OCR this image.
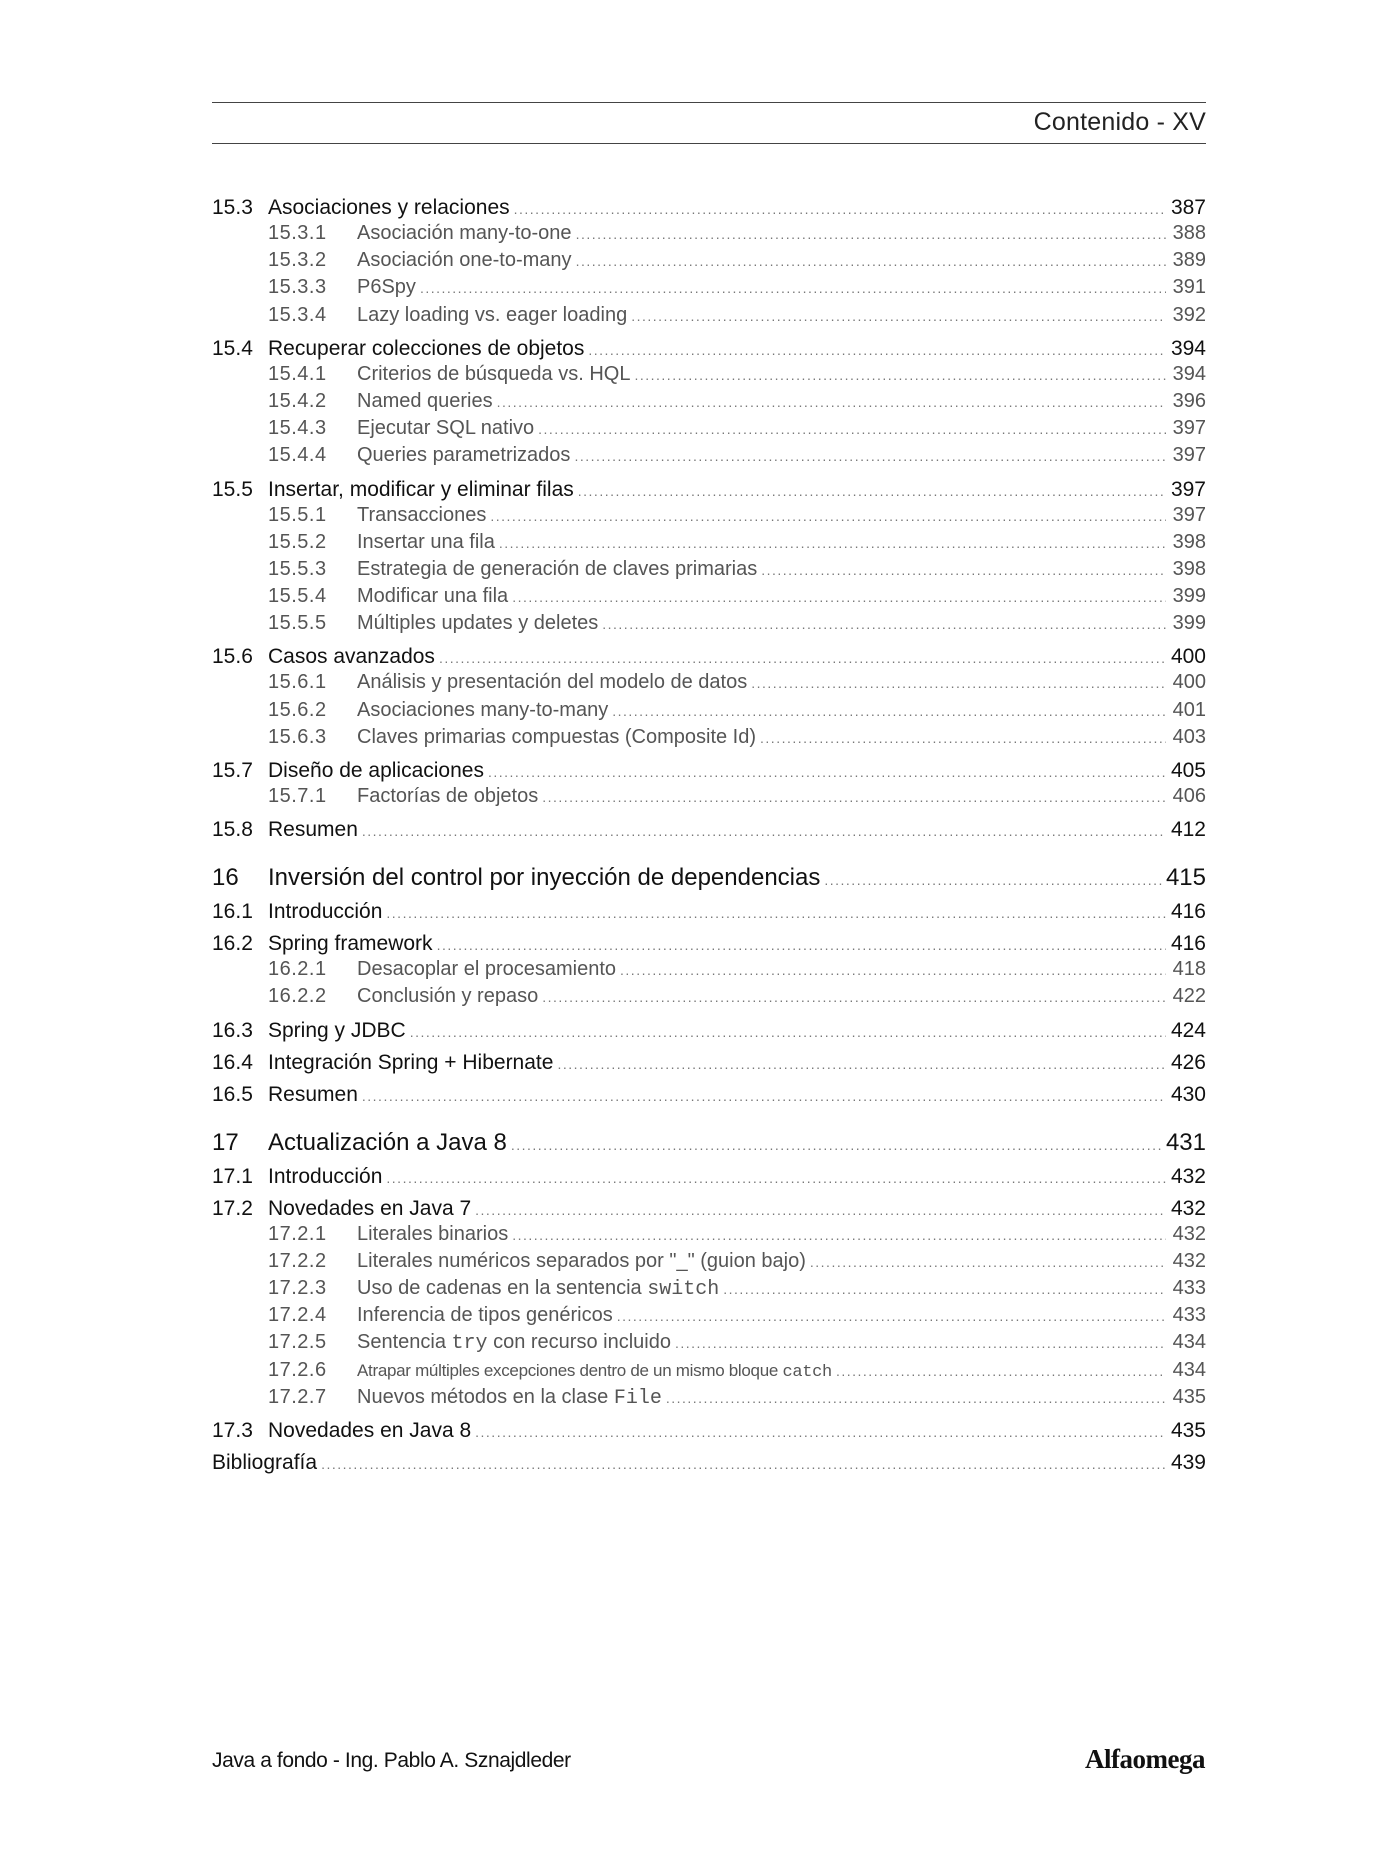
Contenido - XV
15.3 Asociaciones y relaciones .....	387
15.3.1	Asociación many-to-one .....	388
15.3.2	Asociación one-to-many .....	389
15.3.3	P6Spy .....	391
15.3.4	Lazy loading vs. eager loading .....	392
15.4 Recuperar colecciones de objetos .....	394
15.4.1	Criterios de búsqueda vs. HQL .....	394
15.4.2	Named queries .....	396
15.4.3	Ejecutar SQL nativo .....	397
15.4.4	Queries parametrizados .....	397
15.5 Insertar, modificar y eliminar filas .....	397
15.5.1	Transacciones .....	397
15.5.2	Insertar una fila .....	398
15.5.3	Estrategia de generación de claves primarias .....	398
15.5.4	Modificar una fila .....	399
15.5.5	Múltiples updates y deletes .....	399
15.6 Casos avanzados .....	400
15.6.1	Análisis y presentación del modelo de datos .....	400
15.6.2	Asociaciones many-to-many .....	401
15.6.3	Claves primarias compuestas (Composite Id) .....	403
15.7 Diseño de aplicaciones .....	405
15.7.1	Factorías de objetos .....	406
15.8 Resumen .....	412
16	Inversión del control por inyección de dependencias .....	415
16.1 Introducción .....	416
16.2 Spring framework .....	416
16.2.1	Desacoplar el procesamiento .....	418
16.2.2	Conclusión y repaso .....	422
16.3 Spring y JDBC .....	424
16.4 Integración Spring + Hibernate .....	426
16.5 Resumen .....	430
17	Actualización a Java 8 .....	431
17.1 Introducción .....	432
17.2 Novedades en Java 7 .....	432
17.2.1	Literales binarios .....	432
17.2.2	Literales numéricos separados por "_" (guion bajo) .....	432
17.2.3	Uso de cadenas en la sentencia switch .....	433
17.2.4	Inferencia de tipos genéricos .....	433
17.2.5	Sentencia try con recurso incluido .....	434
17.2.6	Atrapar múltiples excepciones dentro de un mismo bloque catch .....	434
17.2.7	Nuevos métodos en la clase File .....	435
17.3 Novedades en Java 8 .....	435
Bibliografía .....	439
Java a fondo - Ing. Pablo A. Sznajdleder	Alfaomega
